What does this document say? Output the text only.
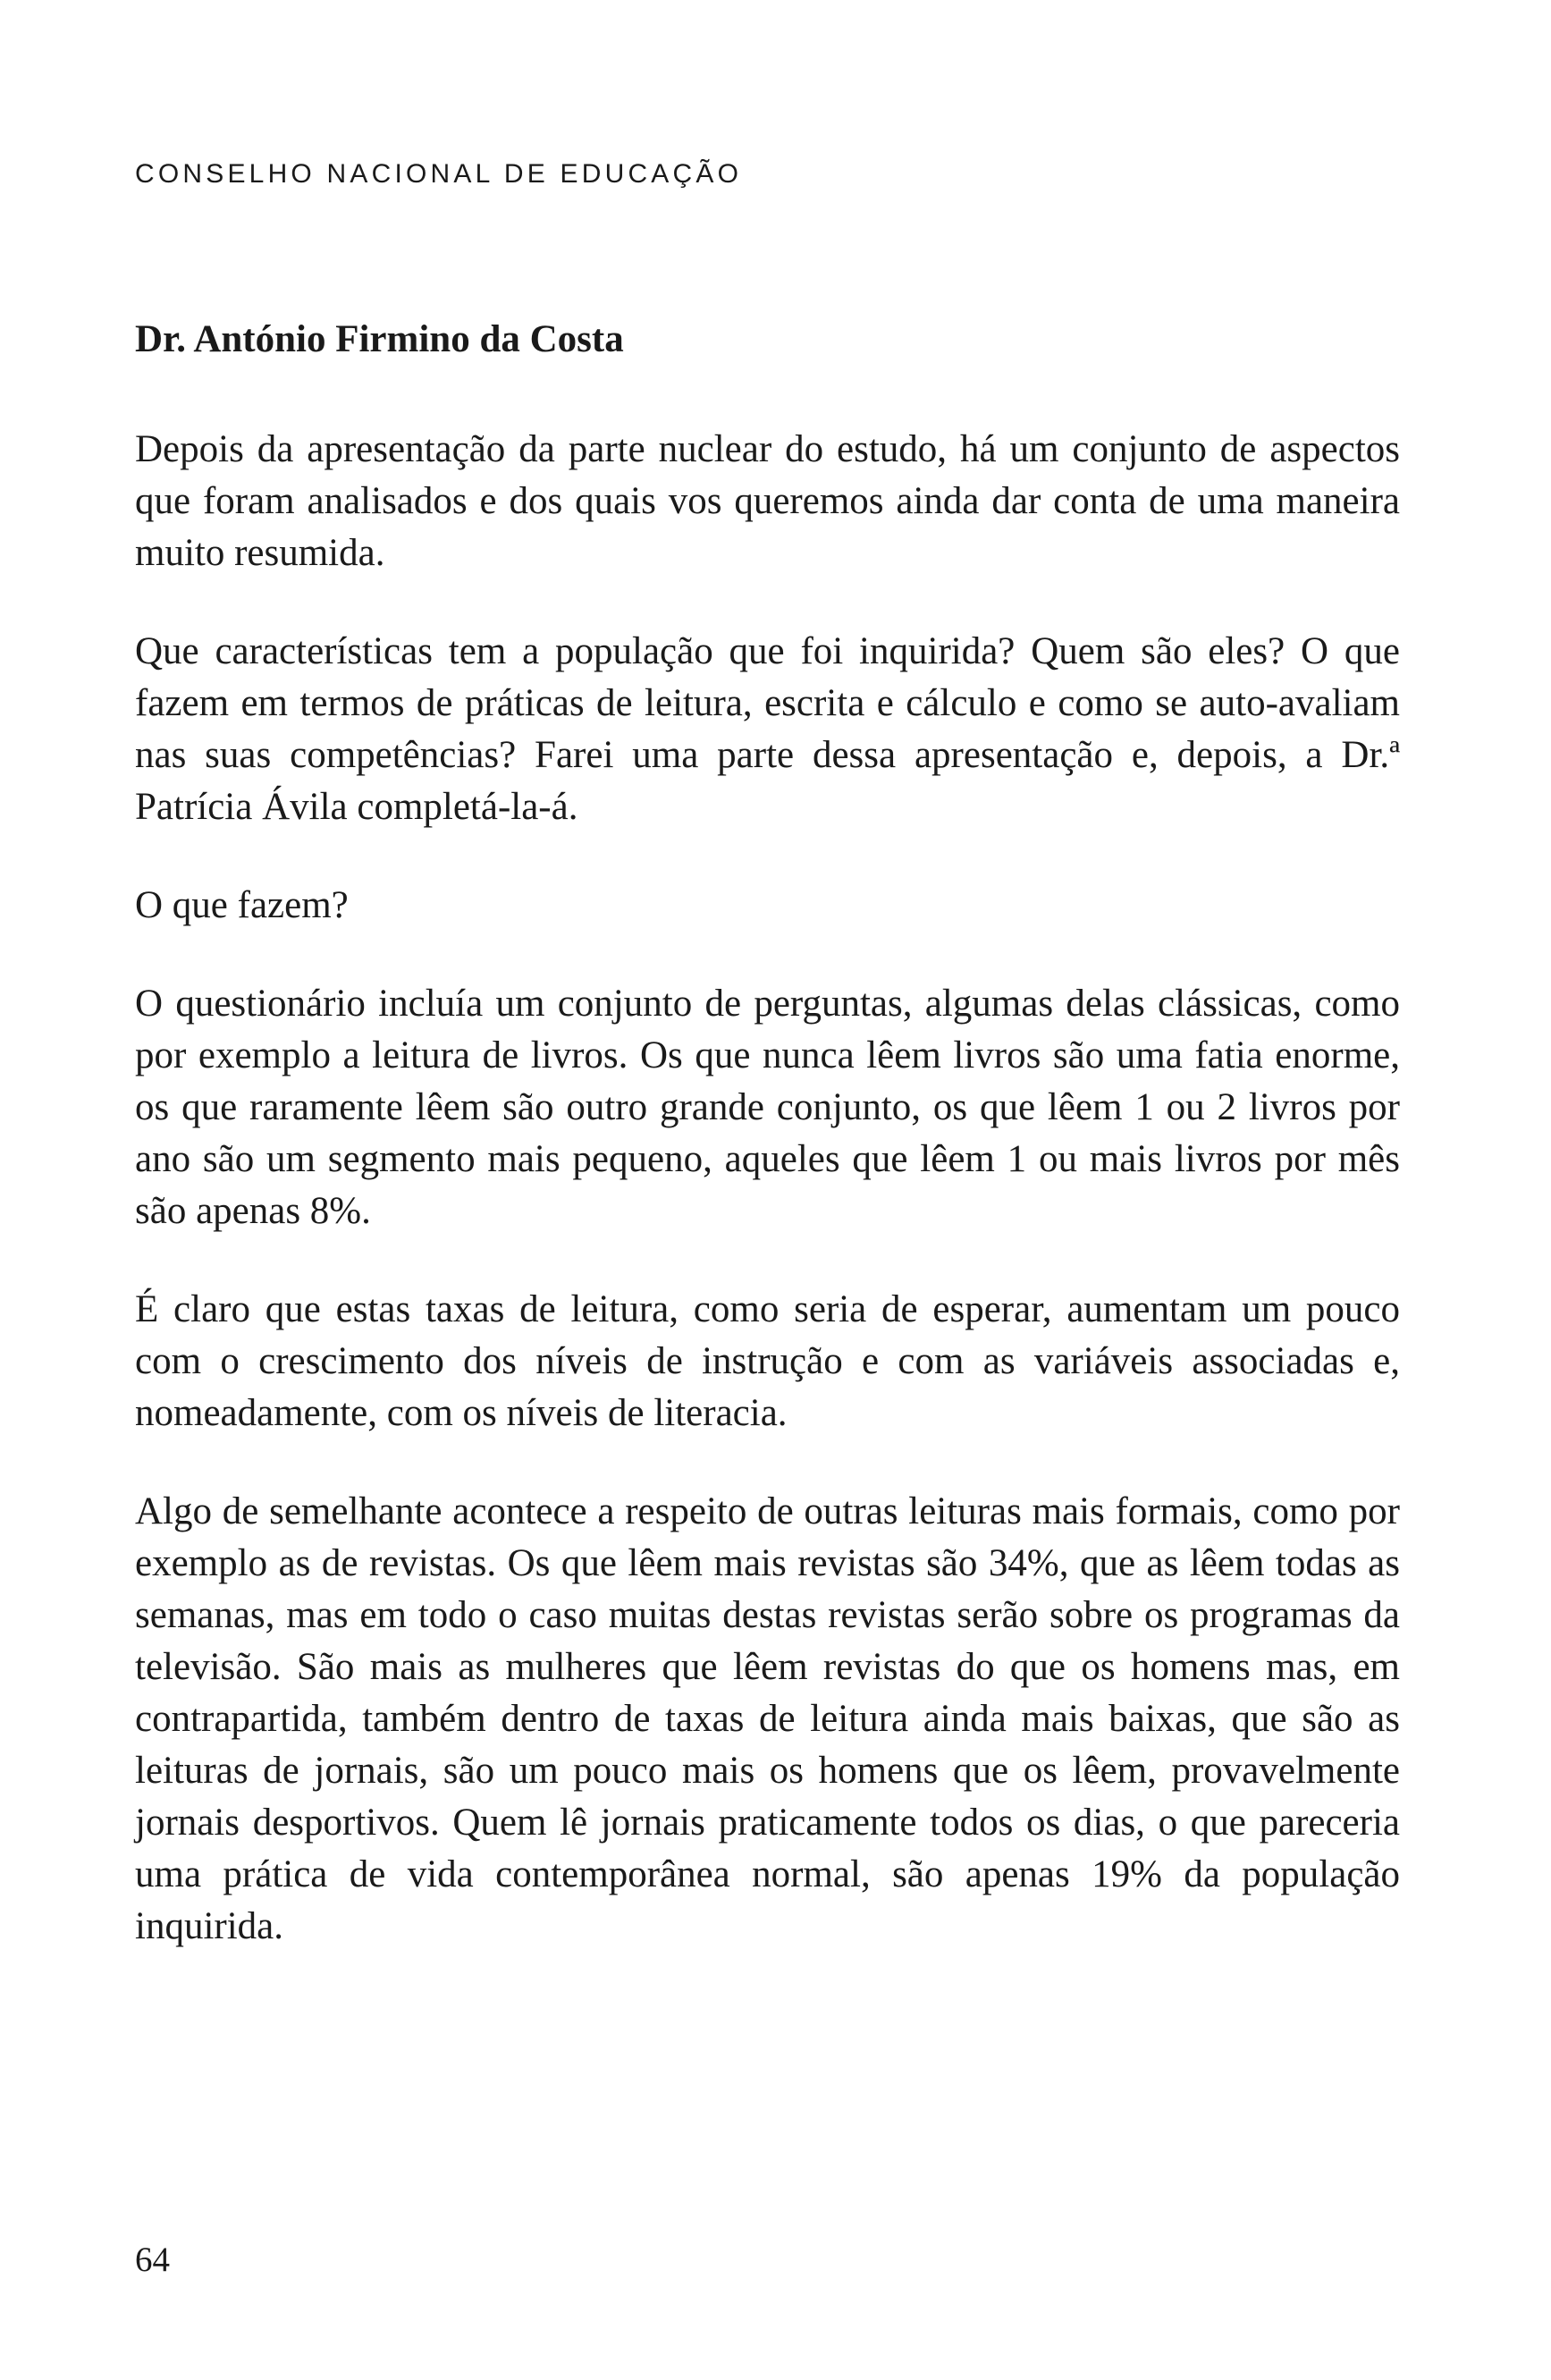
CONSELHO NACIONAL DE EDUCAÇÃO
Dr. António Firmino da Costa

Depois da apresentação da parte nuclear do estudo, há um conjunto de aspectos que foram analisados e dos quais vos queremos ainda dar conta de uma maneira muito resumida.

Que características tem a população que foi inquirida? Quem são eles? O que fazem em termos de práticas de leitura, escrita e cálculo e como se auto-avaliam nas suas competências? Farei uma parte dessa apresentação e, depois, a Dr.ª Patrícia Ávila completá-la-á.

O que fazem?

O questionário incluía um conjunto de perguntas, algumas delas clássicas, como por exemplo a leitura de livros. Os que nunca lêem livros são uma fatia enorme, os que raramente lêem são outro grande conjunto, os que lêem 1 ou 2 livros por ano são um segmento mais pequeno, aqueles que lêem 1 ou mais livros por mês são apenas 8%.

É claro que estas taxas de leitura, como seria de esperar, aumentam um pouco com o crescimento dos níveis de instrução e com as variáveis associadas e, nomeadamente, com os níveis de literacia.

Algo de semelhante acontece a respeito de outras leituras mais formais, como por exemplo as de revistas. Os que lêem mais revistas são 34%, que as lêem todas as semanas, mas em todo o caso muitas destas revistas serão sobre os programas da televisão. São mais as mulheres que lêem revistas do que os homens mas, em contrapartida, também dentro de taxas de leitura ainda mais baixas, que são as leituras de jornais, são um pouco mais os homens que os lêem, provavelmente jornais desportivos. Quem lê jornais praticamente todos os dias, o que pareceria uma prática de vida contemporânea normal, são apenas 19% da população inquirida.

64
